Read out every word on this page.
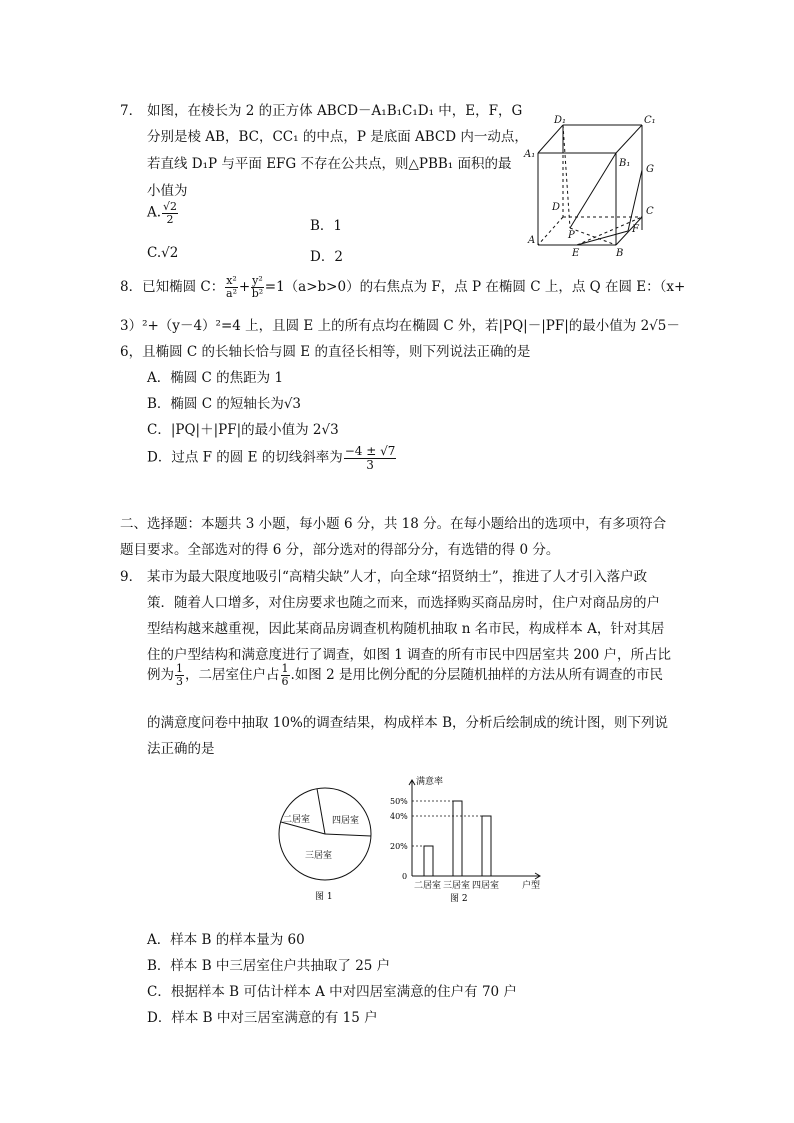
7． 如图，在棱长为 2 的正方体 ABCD－A₁B₁C₁D₁ 中，E，F，G
分别是棱 AB，BC，CC₁ 的中点，P 是底面 ABCD 内一动点，
若直线 D₁P 与平面 EFG 不存在公共点，则△PBB₁ 面积的最
小值为
A. $\frac{√2}{2}$
B．1
C.√2	D．2
D₁	C₁
A₁
B₁
G
D	C
F
P
A
E	B
8．已知椭圆 C： $\frac{\text{x²}}{\text{a²}} + \frac{\text{y²}}{\text{b²}} =1(a>b>0)$的右焦点为 F，点 P 在椭圆 C 上，点 Q 在圆 E：（x+
3）²+（y－4）²=4 上，且圆 E 上的所有点均在椭圆 C 外，若|PQ|－|PF|的最小值为 2√5－
6，且椭圆 C 的长轴长恰与圆 E 的直径长相等，则下列说法正确的是
A．椭圆 C 的焦距为 1
B．椭圆 C 的短轴长为√3
C．|PQ|＋|PF|的最小值为 2√3
D．过点 F 的圆 E 的切线斜率为 $\frac{-4 \pm √7}{3}$
二、选择题：本题共 3 小题，每小题 6 分，共 18 分。在每小题给出的选项中，有多项符合
题目要求。全部选对的得 6 分，部分选对的得部分分，有选错的得 0 分。
9． 某市为最大限度地吸引“高精尖缺”人才，向全球“招贤纳士”，推进了人才引入落户政
策．随着人口增多，对住房要求也随之而来，而选择购买商品房时，住户对商品房的户
型结构越来越重视，因此某商品房调查机构随机抽取 n 名市民，构成样本 A，针对其居
住的户型结构和满意度进行了调查，如图 1 调查的所有市民中四居室共 200 户，所占比
例为 $\frac{1}{3}$ ，二居室住户占 $\frac{1}{6}$ .如图 2 是用比例分配的分层随机抽样的方法从所有调查的市民
的满意度问卷中抽取 10%的调查结果，构成样本 B，分析后绘制成的统计图，则下列说
法正确的是
二居室 四居室
三居室
图 1
满意率
户型
0
20%
40%
50%
二居室 三居室 四居室
图 2
A．样本 B 的样本量为 60
B．样本 B 中三居室住户共抽取了 25 户
C．根据样本 B 可估计样本 A 中对四居室满意的住户有 70 户
D．样本 B 中对三居室满意的有 15 户
